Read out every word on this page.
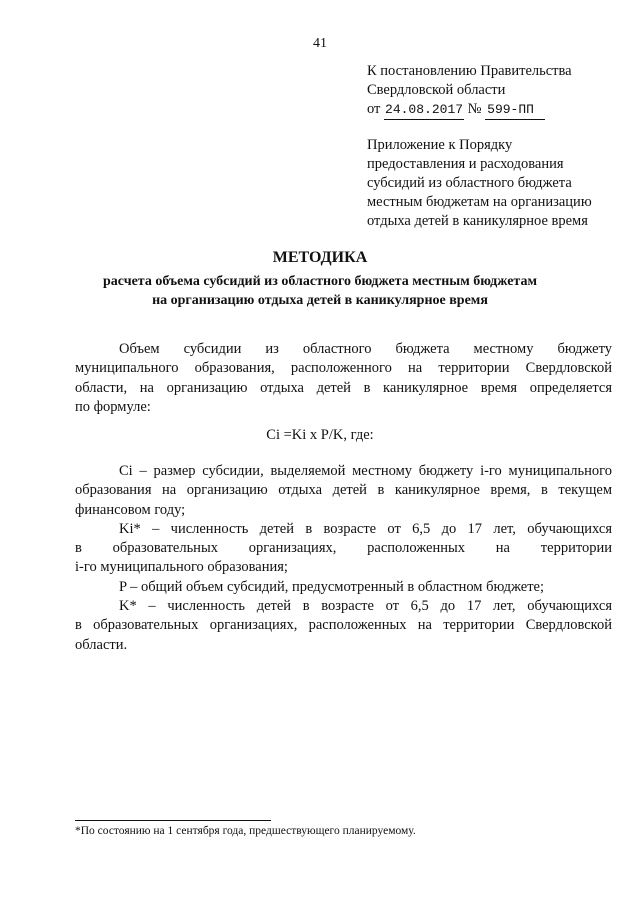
41
К постановлению Правительства
Свердловской области
от 24.08.2017 № 599-ПП
Приложение к Порядку
предоставления и расходования
субсидий из областного бюджета
местным бюджетам на организацию
отдыха детей в каникулярное время
МЕТОДИКА
расчета объема субсидий из областного бюджета местным бюджетам
на организацию отдыха детей в каникулярное время
Объем субсидии из областного бюджета местному бюджету
муниципального образования, расположенного на территории Свердловской
области, на организацию отдыха детей в каникулярное время определяется
по формуле:
Ci =Ki x P/K, где:
Ci – размер субсидии, выделяемой местному бюджету i-го муниципального
образования на организацию отдыха детей в каникулярное время, в текущем
финансовом году;
Ki* – численность детей в возрасте от 6,5 до 17 лет, обучающихся
в образовательных организациях, расположенных на территории
i-го муниципального образования;
P – общий объем субсидий, предусмотренный в областном бюджете;
K* – численность детей в возрасте от 6,5 до 17 лет, обучающихся
в образовательных организациях, расположенных на территории Свердловской
области.
*По состоянию на 1 сентября года, предшествующего планируемому.
